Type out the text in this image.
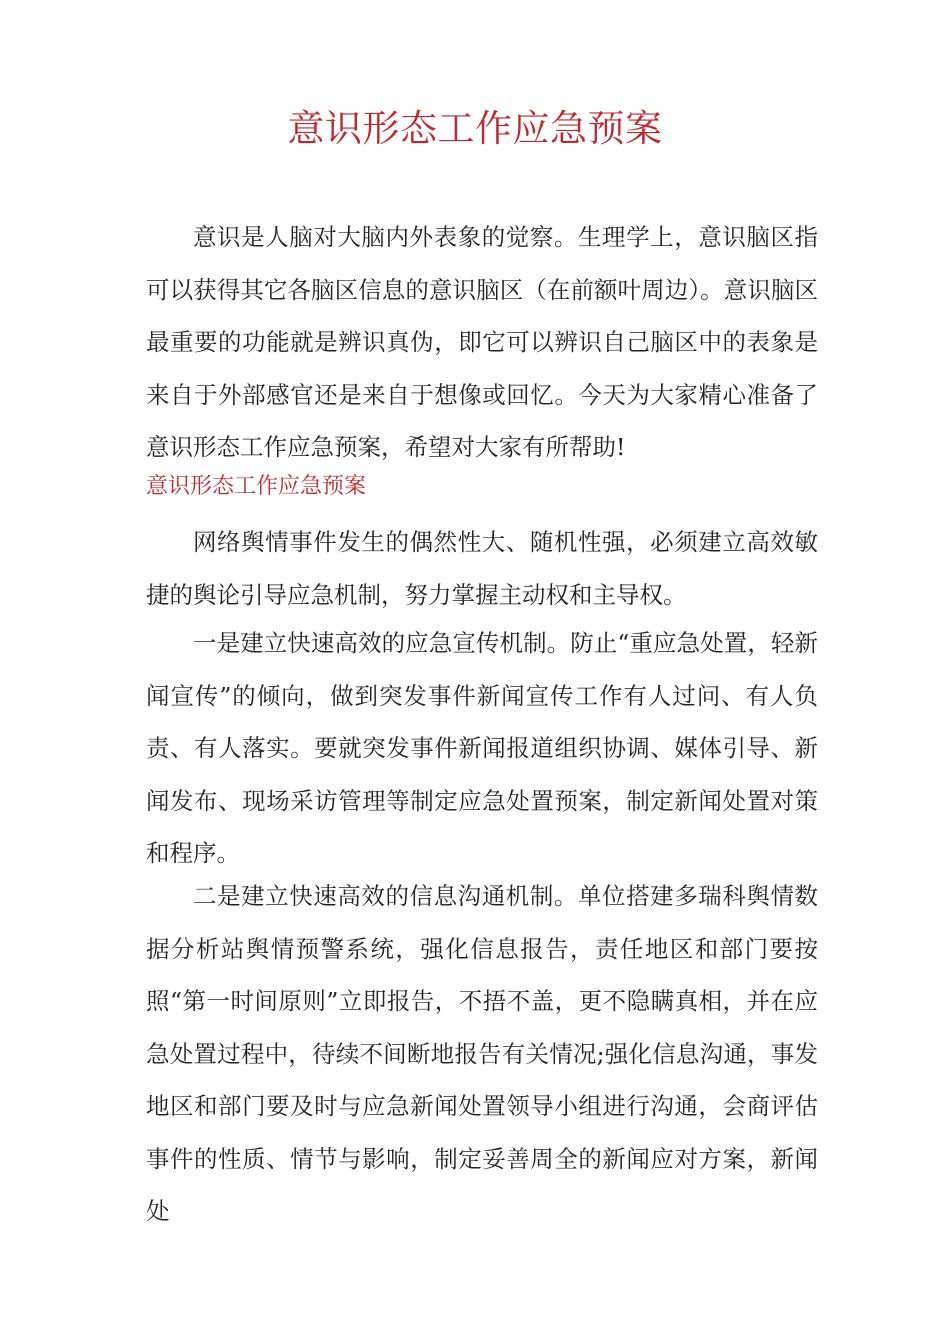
意识形态工作应急预案

意识是人脑对大脑内外表象的觉察。生理学上，意识脑区指可以获得其它各脑区信息的意识脑区（在前额叶周边）。意识脑区最重要的功能就是辨识真伪，即它可以辨识自己脑区中的表象是来自于外部感官还是来自于想像或回忆。今天为大家精心准备了意识形态工作应急预案，希望对大家有所帮助!

意识形态工作应急预案

网络舆情事件发生的偶然性大、随机性强，必须建立高效敏捷的舆论引导应急机制，努力掌握主动权和主导权。

一是建立快速高效的应急宣传机制。防止“重应急处置，轻新闻宣传”的倾向，做到突发事件新闻宣传工作有人过问、有人负责、有人落实。要就突发事件新闻报道组织协调、媒体引导、新闻发布、现场采访管理等制定应急处置预案，制定新闻处置对策和程序。

二是建立快速高效的信息沟通机制。单位搭建多瑞科舆情数据分析站舆情预警系统，强化信息报告，责任地区和部门要按照“第一时间原则”立即报告，不捂不盖，更不隐瞒真相，并在应急处置过程中，待续不间断地报告有关情况;强化信息沟通，事发地区和部门要及时与应急新闻处置领导小组进行沟通，会商评估事件的性质、情节与影响，制定妥善周全的新闻应对方案，新闻处
